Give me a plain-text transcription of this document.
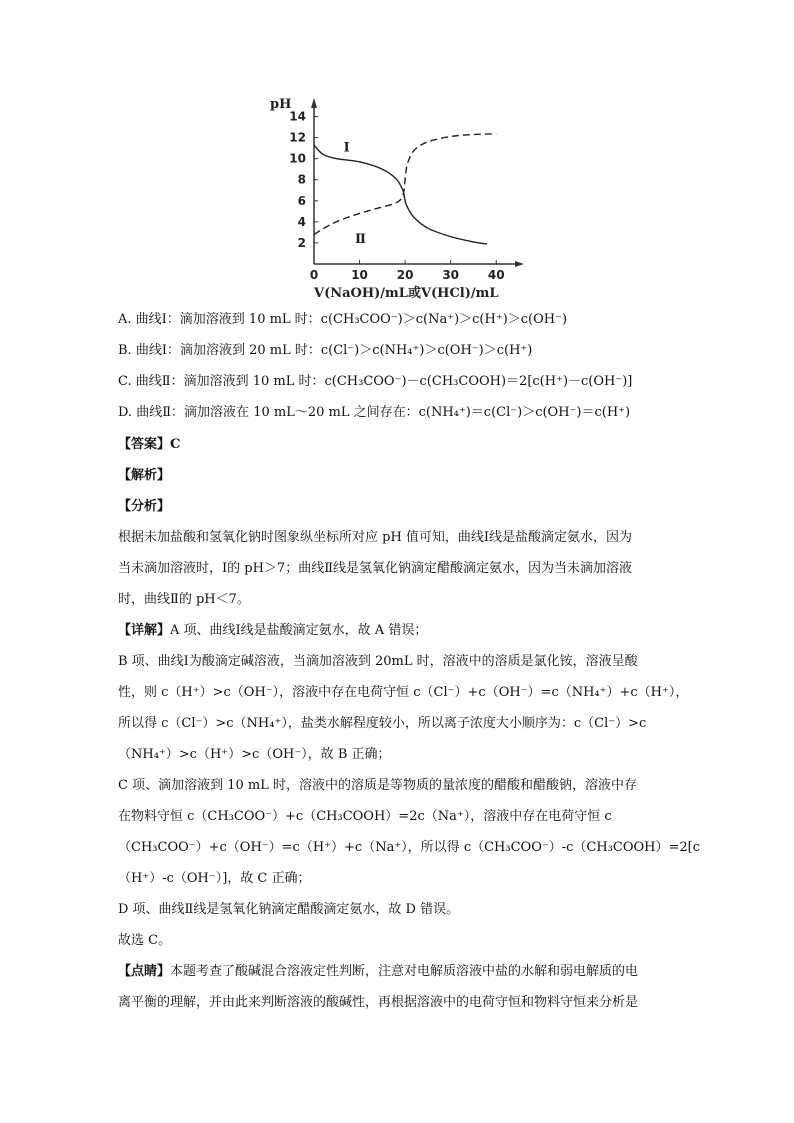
2
4
6
8
10
12
14
0	10 20 30 40
pH
V(NaOH)/mL或V(HCl)/mL
Ⅰ
Ⅱ
A. 曲线Ⅰ：滴加溶液到 10 mL 时：c(CH₃COO⁻)＞c(Na⁺)＞c(H⁺)＞c(OH⁻)
B. 曲线Ⅰ：滴加溶液到 20 mL 时：c(Cl⁻)＞c(NH₄⁺)＞c(OH⁻)＞c(H⁺)
C. 曲线Ⅱ：滴加溶液到 10 mL 时：c(CH₃COO⁻)－c(CH₃COOH)＝2[c(H⁺)－c(OH⁻)]
D. 曲线Ⅱ：滴加溶液在 10 mL～20 mL 之间存在：c(NH₄⁺)＝c(Cl⁻)＞c(OH⁻)＝c(H⁺)
【答案】C
【解析】
【分析】
根据未加盐酸和氢氧化钠时图象纵坐标所对应 pH 值可知，曲线Ⅰ线是盐酸滴定氨水，因为
当未滴加溶液时，Ⅰ的 pH＞7；曲线Ⅱ线是氢氧化钠滴定醋酸滴定氨水，因为当未滴加溶液
时，曲线Ⅱ的 pH＜7。
【详解】A 项、曲线Ⅰ线是盐酸滴定氨水，故 A 错误；
B 项、曲线Ⅰ为酸滴定碱溶液，当滴加溶液到 20mL 时，溶液中的溶质是氯化铵，溶液呈酸
性，则 c（H⁺）>c（OH⁻），溶液中存在电荷守恒 c（Cl⁻）+c（OH⁻）=c（NH₄⁺）+c（H⁺），
所以得 c（Cl⁻）>c（NH₄⁺），盐类水解程度较小，所以离子浓度大小顺序为：c（Cl⁻）>c
（NH₄⁺）>c（H⁺）>c（OH⁻），故 B 正确；
C 项、滴加溶液到 10 mL 时，溶液中的溶质是等物质的量浓度的醋酸和醋酸钠，溶液中存
在物料守恒 c（CH₃COO⁻）+c（CH₃COOH）=2c（Na⁺），溶液中存在电荷守恒 c
（CH₃COO⁻）+c（OH⁻）=c（H⁺）+c（Na⁺），所以得 c（CH₃COO⁻）-c（CH₃COOH）=2[c
（H⁺）-c（OH⁻）]，故 C 正确；
D 项、曲线Ⅱ线是氢氧化钠滴定醋酸滴定氨水，故 D 错误。
故选 C。
【点睛】本题考查了酸碱混合溶液定性判断，注意对电解质溶液中盐的水解和弱电解质的电
离平衡的理解，并由此来判断溶液的酸碱性，再根据溶液中的电荷守恒和物料守恒来分析是
